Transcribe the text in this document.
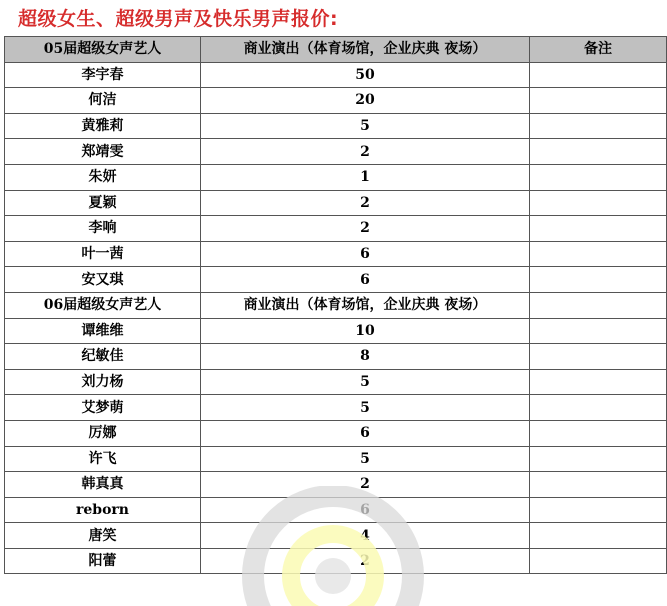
超级女生、超级男声及快乐男声报价:
05届超级女声艺人	商业演出（体育场馆，企业庆典 夜场）	备注
李宇春	50	
何洁	20	
黄雅莉	5	
郑靖雯	2	
朱妍	1	
夏颖	2	
李响	2	
叶一茜	6	
安又琪	6	
06届超级女声艺人	商业演出（体育场馆，企业庆典 夜场）	
谭维维	10	
纪敏佳	8	
刘力杨	5	
艾梦萌	5	
厉娜	6	
许飞	5	
韩真真	2	
reborn	6	
唐笑	4	
阳蕾	2	
